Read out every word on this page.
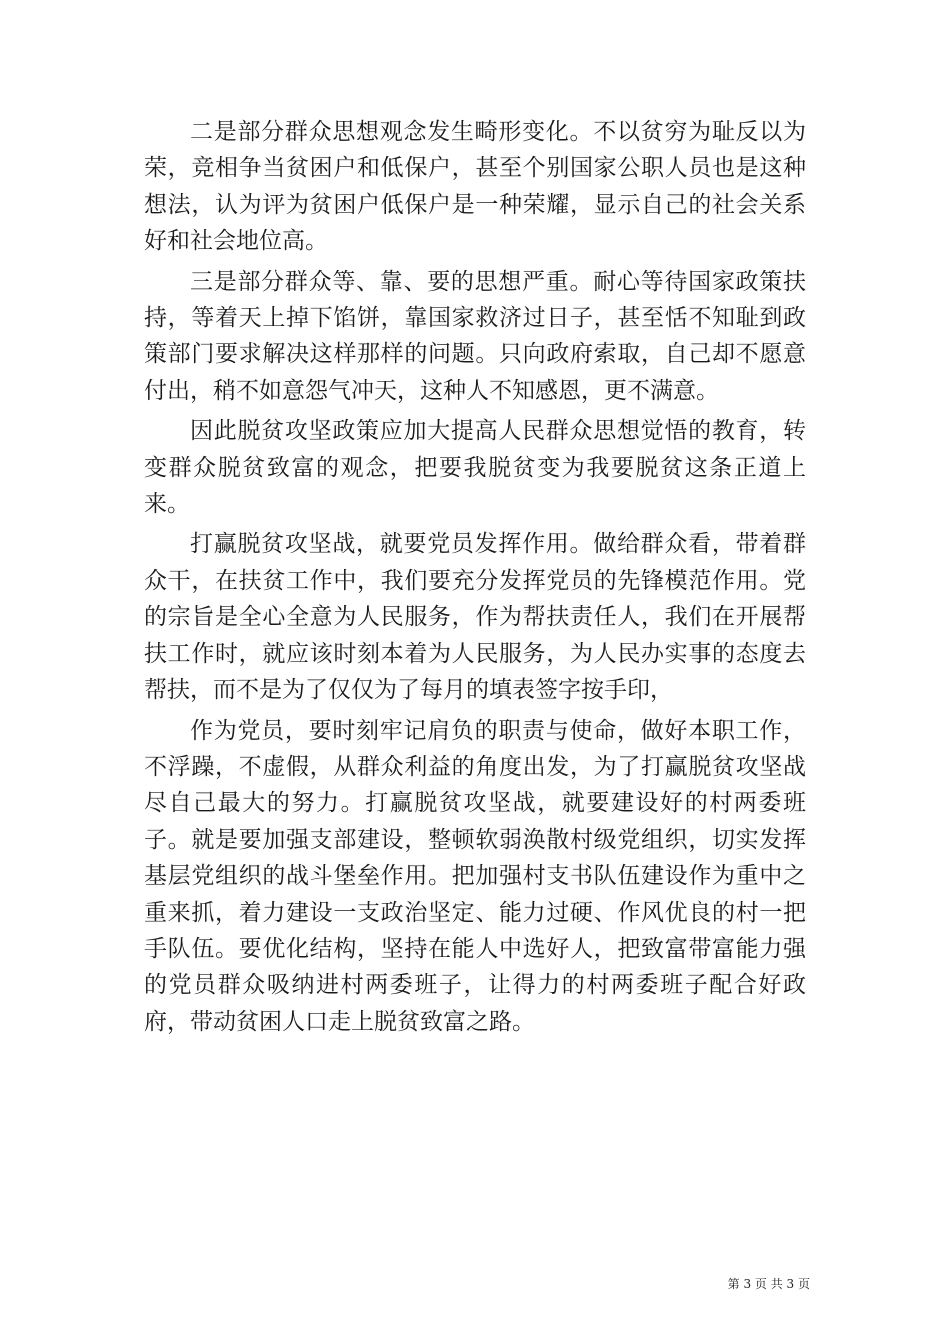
二是部分群众思想观念发生畸形变化。不以贫穷为耻反以为荣，竞相争当贫困户和低保户，甚至个别国家公职人员也是这种想法，认为评为贫困户低保户是一种荣耀，显示自己的社会关系好和社会地位高。

三是部分群众等、靠、要的思想严重。耐心等待国家政策扶持，等着天上掉下馅饼，靠国家救济过日子，甚至恬不知耻到政策部门要求解决这样那样的问题。只向政府索取，自己却不愿意付出，稍不如意怨气冲天，这种人不知感恩，更不满意。

因此脱贫攻坚政策应加大提高人民群众思想觉悟的教育，转变群众脱贫致富的观念，把要我脱贫变为我要脱贫这条正道上来。

打赢脱贫攻坚战，就要党员发挥作用。做给群众看，带着群众干，在扶贫工作中，我们要充分发挥党员的先锋模范作用。党的宗旨是全心全意为人民服务，作为帮扶责任人，我们在开展帮扶工作时，就应该时刻本着为人民服务，为人民办实事的态度去帮扶，而不是为了仅仅为了每月的填表签字按手印，

作为党员，要时刻牢记肩负的职责与使命，做好本职工作，不浮躁，不虚假，从群众利益的角度出发，为了打赢脱贫攻坚战尽自己最大的努力。打赢脱贫攻坚战，就要建设好的村两委班子。就是要加强支部建设，整顿软弱涣散村级党组织，切实发挥基层党组织的战斗堡垒作用。把加强村支书队伍建设作为重中之重来抓，着力建设一支政治坚定、能力过硬、作风优良的村一把手队伍。要优化结构，坚持在能人中选好人，把致富带富能力强的党员群众吸纳进村两委班子，让得力的村两委班子配合好政府，带动贫困人口走上脱贫致富之路。

第 3 页 共 3 页
